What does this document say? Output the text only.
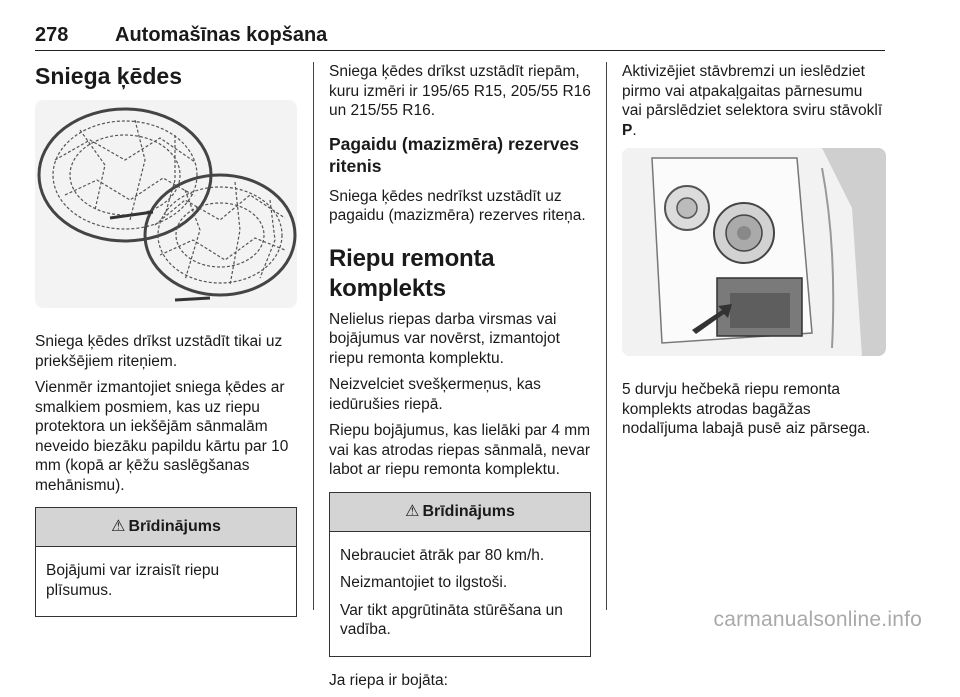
278 Automašīnas kopšana
Sniega ķēdes

Sniega ķēdes drīkst uzstādīt tikai uz priekšējiem riteņiem.

Vienmēr izmantojiet sniega ķēdes ar smalkiem posmiem, kas uz riepu protektora un iekšējām sānmalām neveido biezāku papildu kārtu par 10 mm (kopā ar ķēžu saslēgšanas mehānismu).

⚠ Brīdinājums

Bojājumi var izraisīt riepu plīsumus.

Sniega ķēdes drīkst uzstādīt riepām, kuru izmēri ir 195/65 R15, 205/55 R16 un 215/55 R16.

Pagaidu (mazizmēra) rezerves ritenis

Sniega ķēdes nedrīkst uzstādīt uz pagaidu (mazizmēra) rezerves riteņa.

Riepu remonta komplekts

Nelielus riepas darba virsmas vai bojājumus var novērst, izmantojot riepu remonta komplektu.

Neizvelciet svešķermeņus, kas iedūrušies riepā.

Riepu bojājumus, kas lielāki par 4 mm vai kas atrodas riepas sānmalā, nevar labot ar riepu remonta komplektu.

⚠ Brīdinājums

Nebrauciet ātrāk par 80 km/h.

Neizmantojiet to ilgstoši.

Var tikt apgrūtināta stūrēšana un vadība.

Ja riepa ir bojāta:

Aktivizējiet stāvbremzi un ieslēdziet pirmo vai atpakaļgaitas pārnesumu vai pārslēdziet selektora sviru stāvoklī P.

5 durvju hečbekā riepu remonta komplekts atrodas bagāžas nodalījuma labajā pusē aiz pārsega.

carmanualsonline.info
